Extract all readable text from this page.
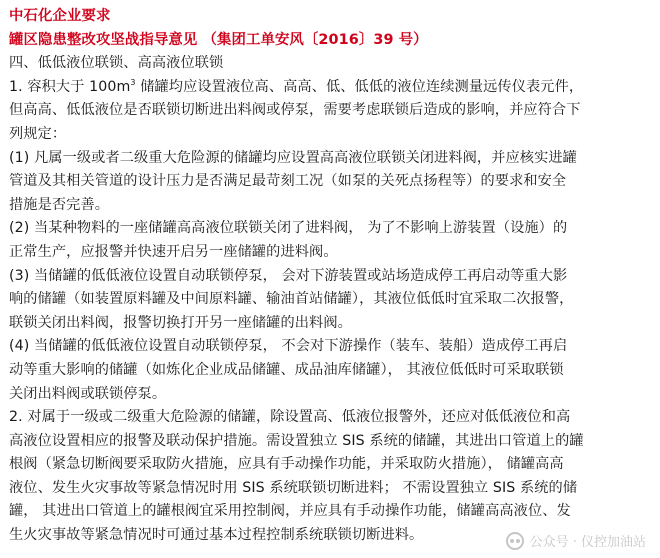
中石化企业要求
罐区隐患整改攻坚战指导意见 （集团工单安风〔2016〕39 号）
四、低低液位联锁、高高液位联锁
1. 容积大于 $100m^3$ 储罐均应设置液位高、高高、低、低低的液位连续测量远传仪表元件，
但高高、低低液位是否联锁切断进出料阀或停泵，需要考虑联锁后造成的影响，并应符合下
列规定：
(1) 凡属一级或者二级重大危险源的储罐均应设置高高液位联锁关闭进料阀，并应核实进罐
管道及其相关管道的设计压力是否满足最苛刻工况（如泵的关死点扬程等）的要求和安全
措施是否完善。
(2) 当某种物料的一座储罐高高液位联锁关闭了进料阀， 为了不影响上游装置（设施）的
正常生产，应报警并快速开启另一座储罐的进料阀。
(3) 当储罐的低低液位设置自动联锁停泵， 会对下游装置或站场造成停工再启动等重大影
响的储罐（如装置原料罐及中间原料罐、输油首站储罐），其液位低低时宜采取二次报警，
联锁关闭出料阀，报警切换打开另一座储罐的出料阀。
(4) 当储罐的低低液位设置自动联锁停泵， 不会对下游操作（装车、装船）造成停工再启
动等重大影响的储罐（如炼化企业成品储罐、成品油库储罐）， 其液位低低时可采取联锁
关闭出料阀或联锁停泵。
2. 对属于一级或二级重大危险源的储罐，除设置高、低液位报警外，还应对低低液位和高
高液位设置相应的报警及联动保护措施。需设置独立 SIS 系统的储罐，其进出口管道上的罐
根阀（紧急切断阀要采取防火措施，应具有手动操作功能，并采取防火措施）， 储罐高高
液位、发生火灾事故等紧急情况时用 SIS 系统联锁切断进料； 不需设置独立 SIS 系统的储
罐， 其进出口管道上的罐根阀宜采用控制阀，并应具有手动操作功能，储罐高高液位、发
生火灾事故等紧急情况时可通过基本过程控制系统联锁切断进料。	公众号 · 仪控加油站
